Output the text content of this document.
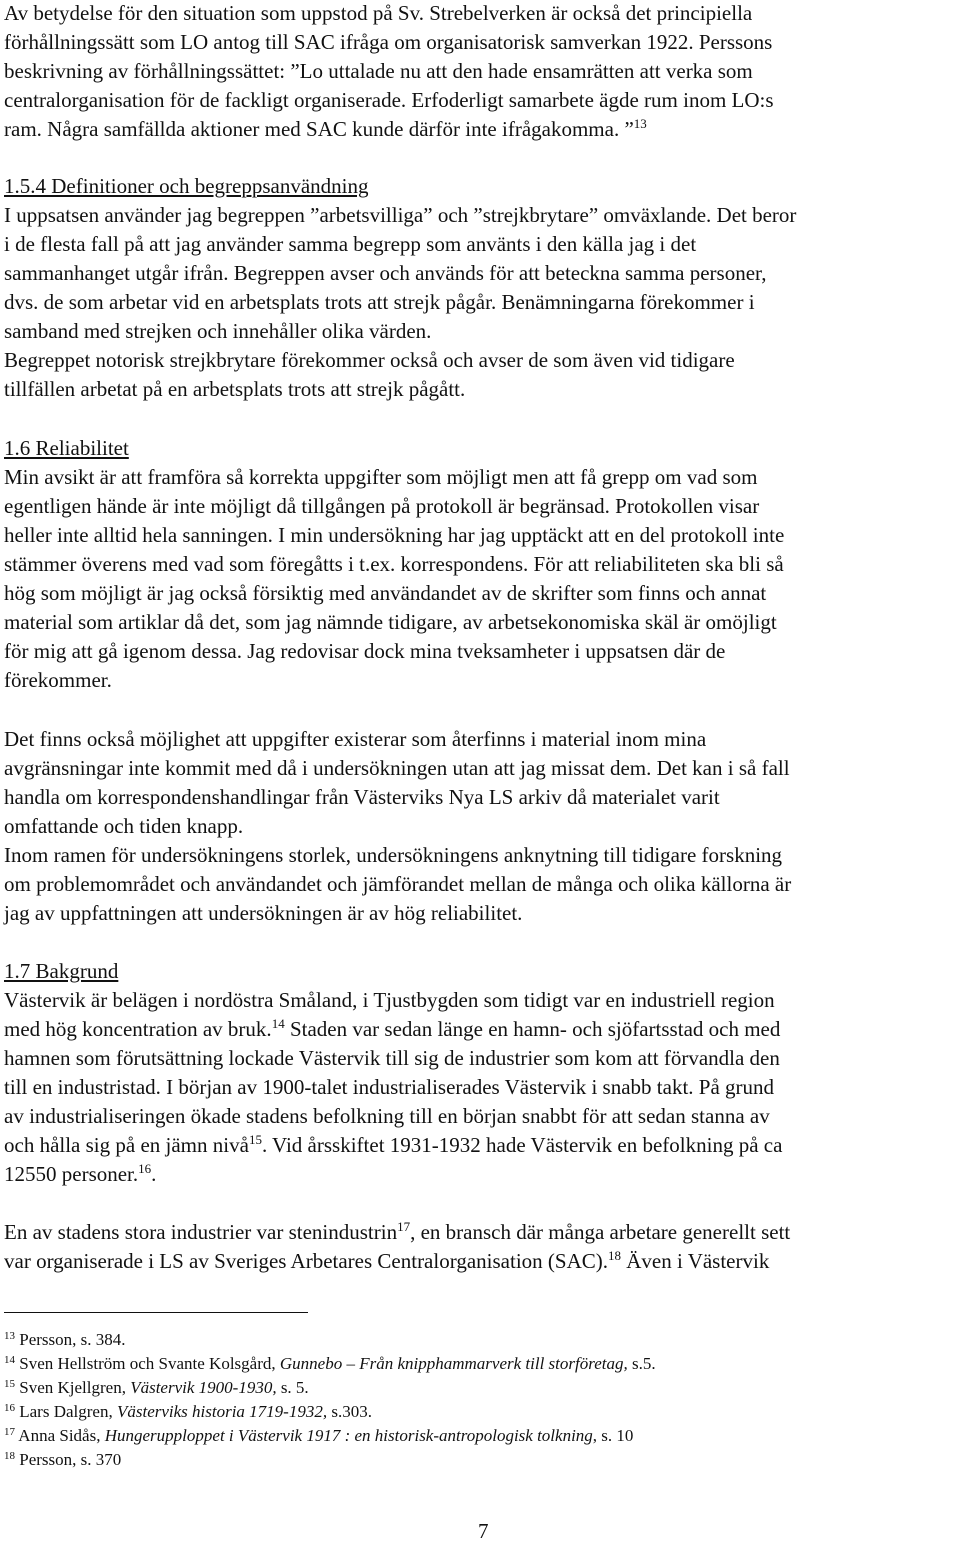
Av betydelse för den situation som uppstod på Sv. Strebelverken är också det principiella
förhållningssätt som LO antog till SAC ifråga om organisatorisk samverkan 1922. Perssons
beskrivning av förhållningssättet: ”Lo uttalade nu att den hade ensamrätten att verka som
centralorganisation för de fackligt organiserade. Erfoderligt samarbete ägde rum inom LO:s
ram. Några samfällda aktioner med SAC kunde därför inte ifrågakomma. ”$^{13}$
1.5.4 Definitioner och begreppsanvändning
I uppsatsen använder jag begreppen ”arbetsvilliga” och ”strejkbrytare” omväxlande. Det beror
i de flesta fall på att jag använder samma begrepp som använts i den källa jag i det
sammanhanget utgår ifrån. Begreppen avser och används för att beteckna samma personer,
dvs. de som arbetar vid en arbetsplats trots att strejk pågår. Benämningarna förekommer i
samband med strejken och innehåller olika värden.
Begreppet notorisk strejkbrytare förekommer också och avser de som även vid tidigare
tillfällen arbetat på en arbetsplats trots att strejk pågått.
1.6 Reliabilitet
Min avsikt är att framföra så korrekta uppgifter som möjligt men att få grepp om vad som
egentligen hände är inte möjligt då tillgången på protokoll är begränsad. Protokollen visar
heller inte alltid hela sanningen. I min undersökning har jag upptäckt att en del protokoll inte
stämmer överens med vad som föregåtts i t.ex. korrespondens. För att reliabiliteten ska bli så
hög som möjligt är jag också försiktig med användandet av de skrifter som finns och annat
material som artiklar då det, som jag nämnde tidigare, av arbetsekonomiska skäl är omöjligt
för mig att gå igenom dessa. Jag redovisar dock mina tveksamheter i uppsatsen där de
förekommer.
Det finns också möjlighet att uppgifter existerar som återfinns i material inom mina
avgränsningar inte kommit med då i undersökningen utan att jag missat dem. Det kan i så fall
handla om korrespondenshandlingar från Västerviks Nya LS arkiv då materialet varit
omfattande och tiden knapp.
Inom ramen för undersökningens storlek, undersökningens anknytning till tidigare forskning
om problemområdet och användandet och jämförandet mellan de många och olika källorna är
jag av uppfattningen att undersökningen är av hög reliabilitet.
1.7 Bakgrund
Västervik är belägen i nordöstra Småland, i Tjustbygden som tidigt var en industriell region
med hög koncentration av bruk.$^{14}$ Staden var sedan länge en hamn- och sjöfartsstad och med
hamnen som förutsättning lockade Västervik till sig de industrier som kom att förvandla den
till en industristad. I början av 1900-talet industrialiserades Västervik i snabb takt. På grund
av industrialiseringen ökade stadens befolkning till en början snabbt för att sedan stanna av
och hålla sig på en jämn nivå$^{15}$. Vid årsskiftet 1931-1932 hade Västervik en befolkning på ca
12550 personer.$^{16}$.
En av stadens stora industrier var stenindustrin$^{17}$, en bransch där många arbetare generellt sett
var organiserade i LS av Sveriges Arbetares Centralorganisation (SAC).$^{18}$ Även i Västervik
$^{13}$ Persson, s. 384.
$^{14}$ Sven Hellström och Svante Kolsgård, Gunnebo – Från knipphammarverk till storföretag, s.5.
$^{15}$ Sven Kjellgren, Västervik 1900-1930, s. 5.
$^{16}$ Lars Dalgren, Västerviks historia 1719-1932, s.303.
$^{17}$ Anna Sidås, Hungerupploppet i Västervik 1917 : en historisk-antropologisk tolkning, s. 10
$^{18}$ Persson, s. 370
7
